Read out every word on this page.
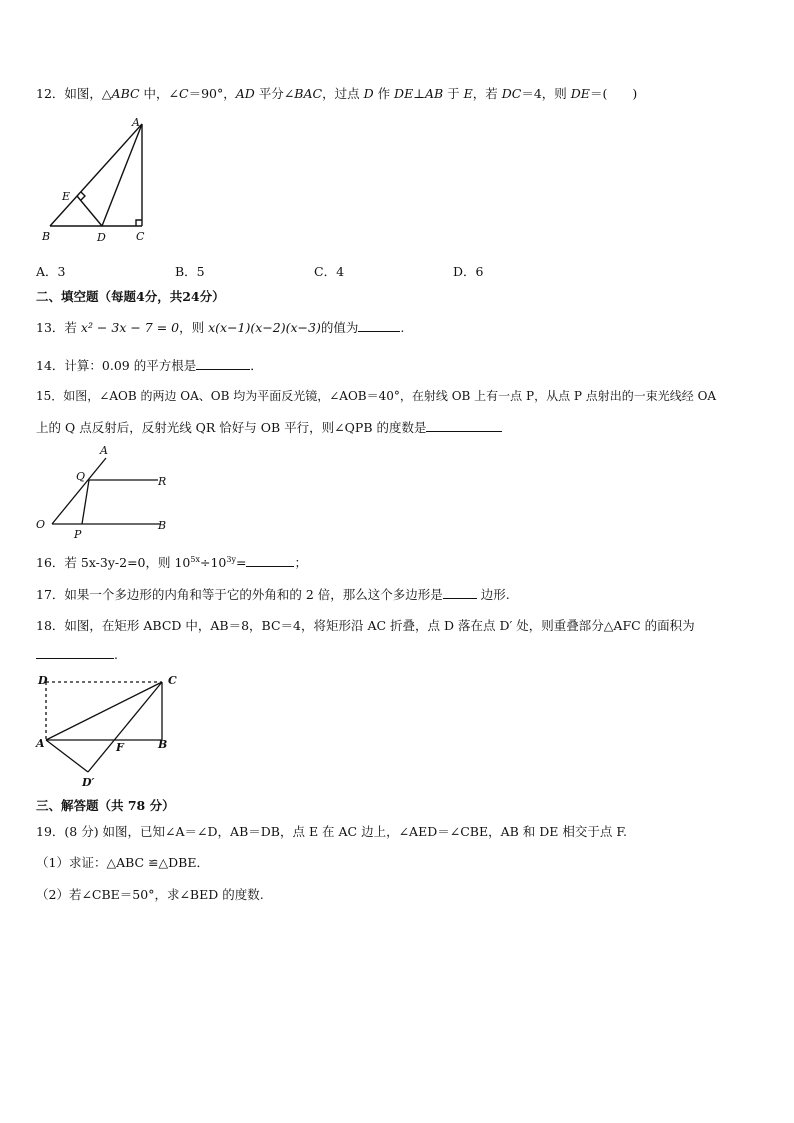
12．如图，△ABC 中，∠C＝90°，AD 平分∠BAC，过点 D 作 DE⊥AB 于 E，若 DC＝4，则 DE＝(　　)
A
E
B	D	C
A．3	B．5	C．4	D．6
二、填空题（每题4分，共24分）
13．若 x² − 3x − 7 = 0，则 x(x−1)(x−2)(x−3)的值为	.
14．计算：0.09 的平方根是	．
15．如图，∠AOB 的两边 OA、OB 均为平面反光镜，∠AOB＝40°，在射线 OB 上有一点 P，从点 P 点射出的一束光线经 OA
上的 Q 点反射后，反射光线 QR 恰好与 OB 平行，则∠QPB 的度数是
A
Q	R
O
P
B
16．若 5x-3y-2=0，则 $10^{5x}\div 10^{3y}=$	；
17．如果一个多边形的内角和等于它的外角和的 2 倍，那么这个多边形是	边形.
18．如图，在矩形 ABCD 中，AB＝8，BC＝4，将矩形沿 AC 折叠，点 D 落在点 D′ 处，则重叠部分△AFC 的面积为
.
D	C
A	F	B
D′
三、解答题（共 78 分）
19．(8 分) 如图，已知∠A＝∠D，AB＝DB，点 E 在 AC 边上，∠AED＝∠CBE，AB 和 DE 相交于点 F.
（1）求证：△ABC ≌△DBE．
（2）若∠CBE＝50°，求∠BED 的度数.
